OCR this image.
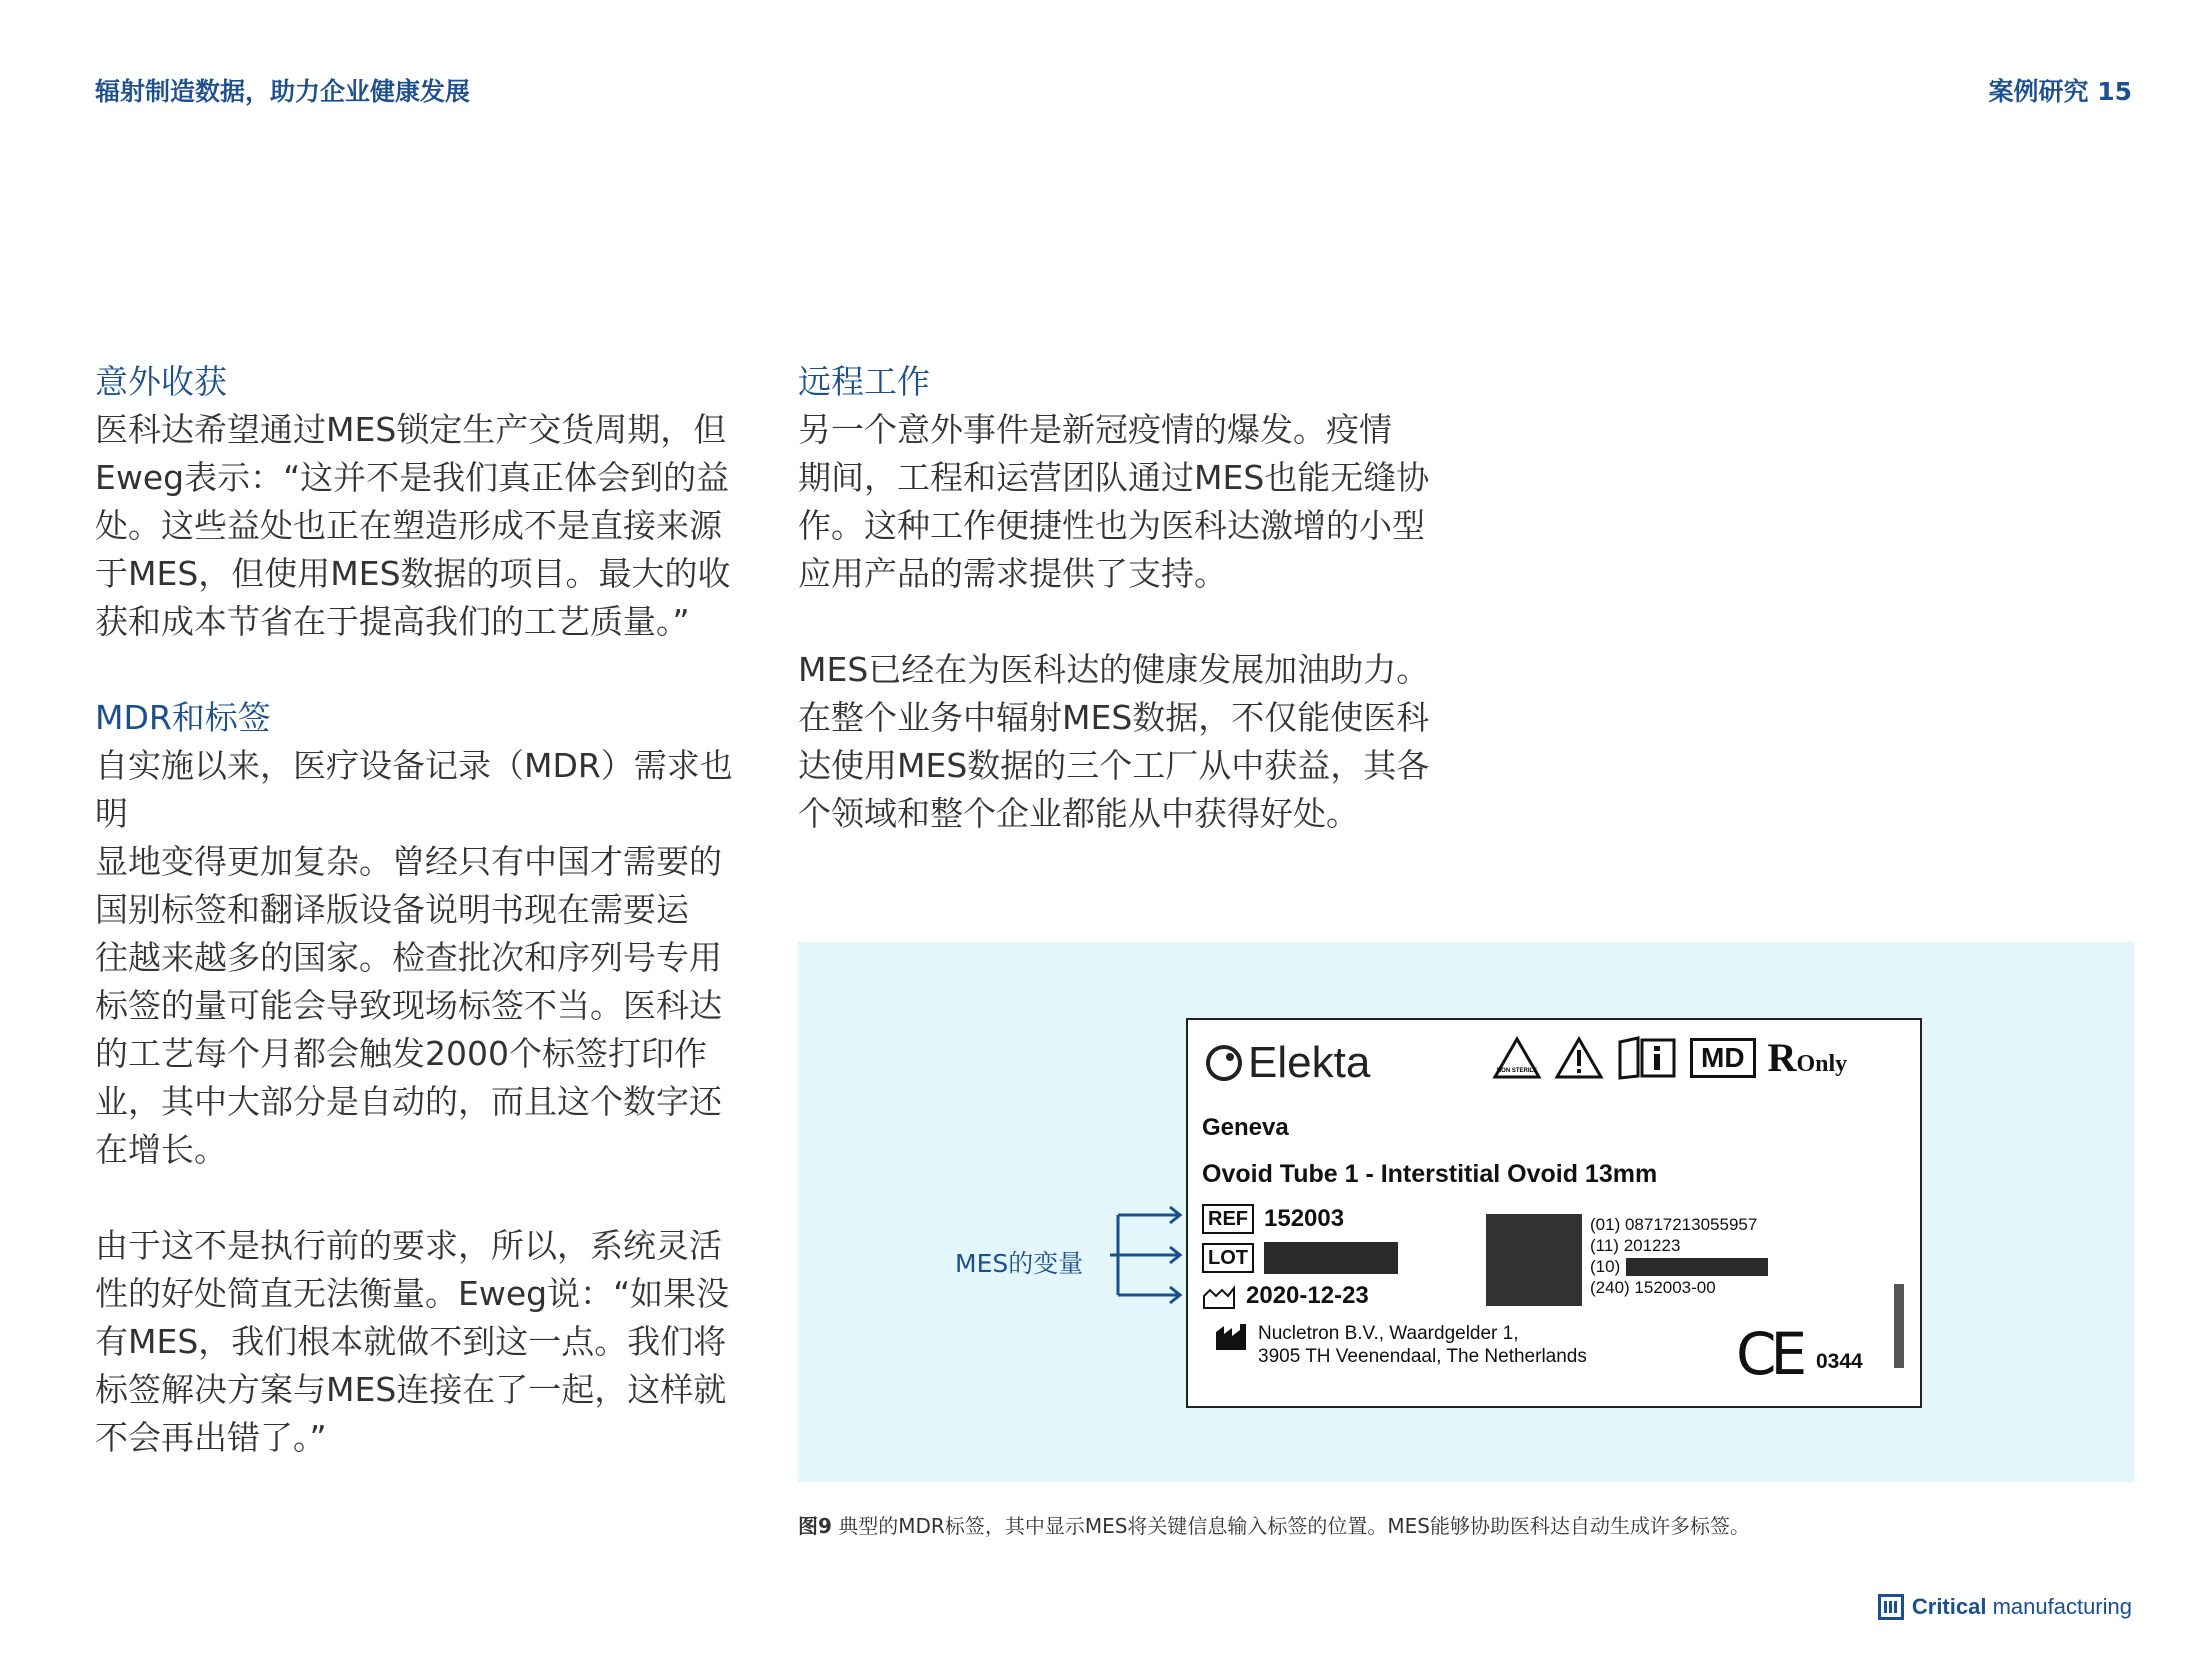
辐射制造数据，助力企业健康发展	案例研究 15
意外收获

医科达希望通过MES锁定生产交货周期，但

Eweg表示：“这并不是我们真正体会到的益

处。这些益处也正在塑造形成不是直接来源

于MES，但使用MES数据的项目。最大的收

获和成本节省在于提高我们的工艺质量。”

MDR和标签

自实施以来，医疗设备记录（MDR）需求也明

显地变得更加复杂。曾经只有中国才需要的

国别标签和翻译版设备说明书现在需要运

往越来越多的国家。检查批次和序列号专用

标签的量可能会导致现场标签不当。医科达

的工艺每个月都会触发2000个标签打印作

业，其中大部分是自动的，而且这个数字还

在增长。

由于这不是执行前的要求，所以，系统灵活

性的好处简直无法衡量。Eweg说：“如果没

有MES，我们根本就做不到这一点。我们将

标签解决方案与MES连接在了一起，这样就

不会再出错了。”

远程工作

另一个意外事件是新冠疫情的爆发。疫情

期间，工程和运营团队通过MES也能无缝协

作。这种工作便捷性也为医科达激增的小型

应用产品的需求提供了支持。

MES已经在为医科达的健康发展加油助力。

在整个业务中辐射MES数据，不仅能使医科

达使用MES数据的三个工厂从中获益，其各

个领域和整个企业都能从中获得好处。

MES的变量
Elekta	NON STERILE	MD ROnly
Geneva
Ovoid Tube 1 - Interstitial Ovoid 13mm
REF 152003
LOT
2020-12-23
Nucletron B.V., Waardgelder 1,
3905 TH Veenendaal, The Netherlands
(01) 08717213055957
(11) 201223
(10)
(240) 152003-00
CE 0344
图9 典型的MDR标签，其中显示MES将关键信息输入标签的位置。MES能够协助医科达自动生成许多标签。
Critical manufacturing
